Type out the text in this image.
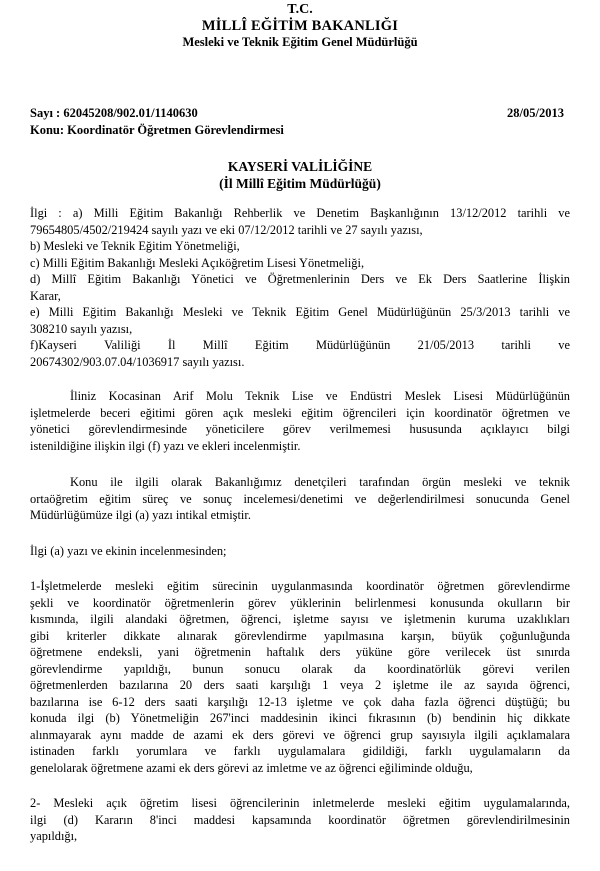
T.C.
MİLLÎ EĞİTİM BAKANLIĞI
Mesleki ve Teknik Eğitim Genel Müdürlüğü
Sayı : 62045208/902.01/1140630	28/05/2013
Konu: Koordinatör Öğretmen Görevlendirmesi
KAYSERİ VALİLİĞİNE
(İl Millî Eğitim Müdürlüğü)
İlgi : a) Milli Eğitim Bakanlığı Rehberlik ve Denetim Başkanlığının 13/12/2012 tarihli ve
79654805/4502/219424 sayılı yazı ve eki 07/12/2012 tarihli ve 27 sayılı yazısı,
b) Mesleki ve Teknik Eğitim Yönetmeliği,
c) Milli Eğitim Bakanlığı Mesleki Açıköğretim Lisesi Yönetmeliği,
d) Millî Eğitim Bakanlığı Yönetici ve Öğretmenlerinin Ders ve Ek Ders Saatlerine İlişkin
Karar,
e) Milli Eğitim Bakanlığı Mesleki ve Teknik Eğitim Genel Müdürlüğünün 25/3/2013 tarihli ve
308210 sayılı yazısı,
f)Kayseri Valiliği İl Millî Eğitim Müdürlüğünün 21/05/2013 tarihli ve
20674302/903.07.04/1036917 sayılı yazısı.
İliniz Kocasinan Arif Molu Teknik Lise ve Endüstri Meslek Lisesi Müdürlüğünün
işletmelerde beceri eğitimi gören açık mesleki eğitim öğrencileri için koordinatör öğretmen ve
yönetici görevlendirmesinde yöneticilere görev verilmemesi hususunda açıklayıcı bilgi
istenildiğine ilişkin ilgi (f) yazı ve ekleri incelenmiştir.
Konu ile ilgili olarak Bakanlığımız denetçileri tarafından örgün mesleki ve teknik
ortaöğretim eğitim süreç ve sonuç incelemesi/denetimi ve değerlendirilmesi sonucunda Genel
Müdürlüğümüze ilgi (a) yazı intikal etmiştir.
İlgi (a) yazı ve ekinin incelenmesinden;
1-İşletmelerde mesleki eğitim sürecinin uygulanmasında koordinatör öğretmen görevlendirme
şekli ve koordinatör öğretmenlerin görev yüklerinin belirlenmesi konusunda okulların bir
kısmında, ilgili alandaki öğretmen, öğrenci, işletme sayısı ve işletmenin kuruma uzaklıkları
gibi kriterler dikkate alınarak görevlendirme yapılmasına karşın, büyük çoğunluğunda
öğretmene endeksli, yani öğretmenin haftalık ders yüküne göre verilecek üst sınırda
görevlendirme yapıldığı, bunun sonucu olarak da koordinatörlük görevi verilen
öğretmenlerden bazılarına 20 ders saati karşılığı 1 veya 2 işletme ile az sayıda öğrenci,
bazılarına ise 6-12 ders saati karşılığı 12-13 işletme ve çok daha fazla öğrenci düştüğü; bu
konuda ilgi (b) Yönetmeliğin 267'inci maddesinin ikinci fıkrasının (b) bendinin hiç dikkate
alınmayarak aynı madde de azami ek ders görevi ve öğrenci grup sayısıyla ilgili açıklamalara
istinaden farklı yorumlara ve farklı uygulamalara gidildiği, farklı uygulamaların da
genelolarak öğretmene azami ek ders görevi az imletme ve az öğrenci eğiliminde olduğu,
2- Mesleki açık öğretim lisesi öğrencilerinin inletmelerde mesleki eğitim uygulamalarında,
ilgi (d) Kararın 8'inci maddesi kapsamında koordinatör öğretmen görevlendirilmesinin
yapıldığı,
